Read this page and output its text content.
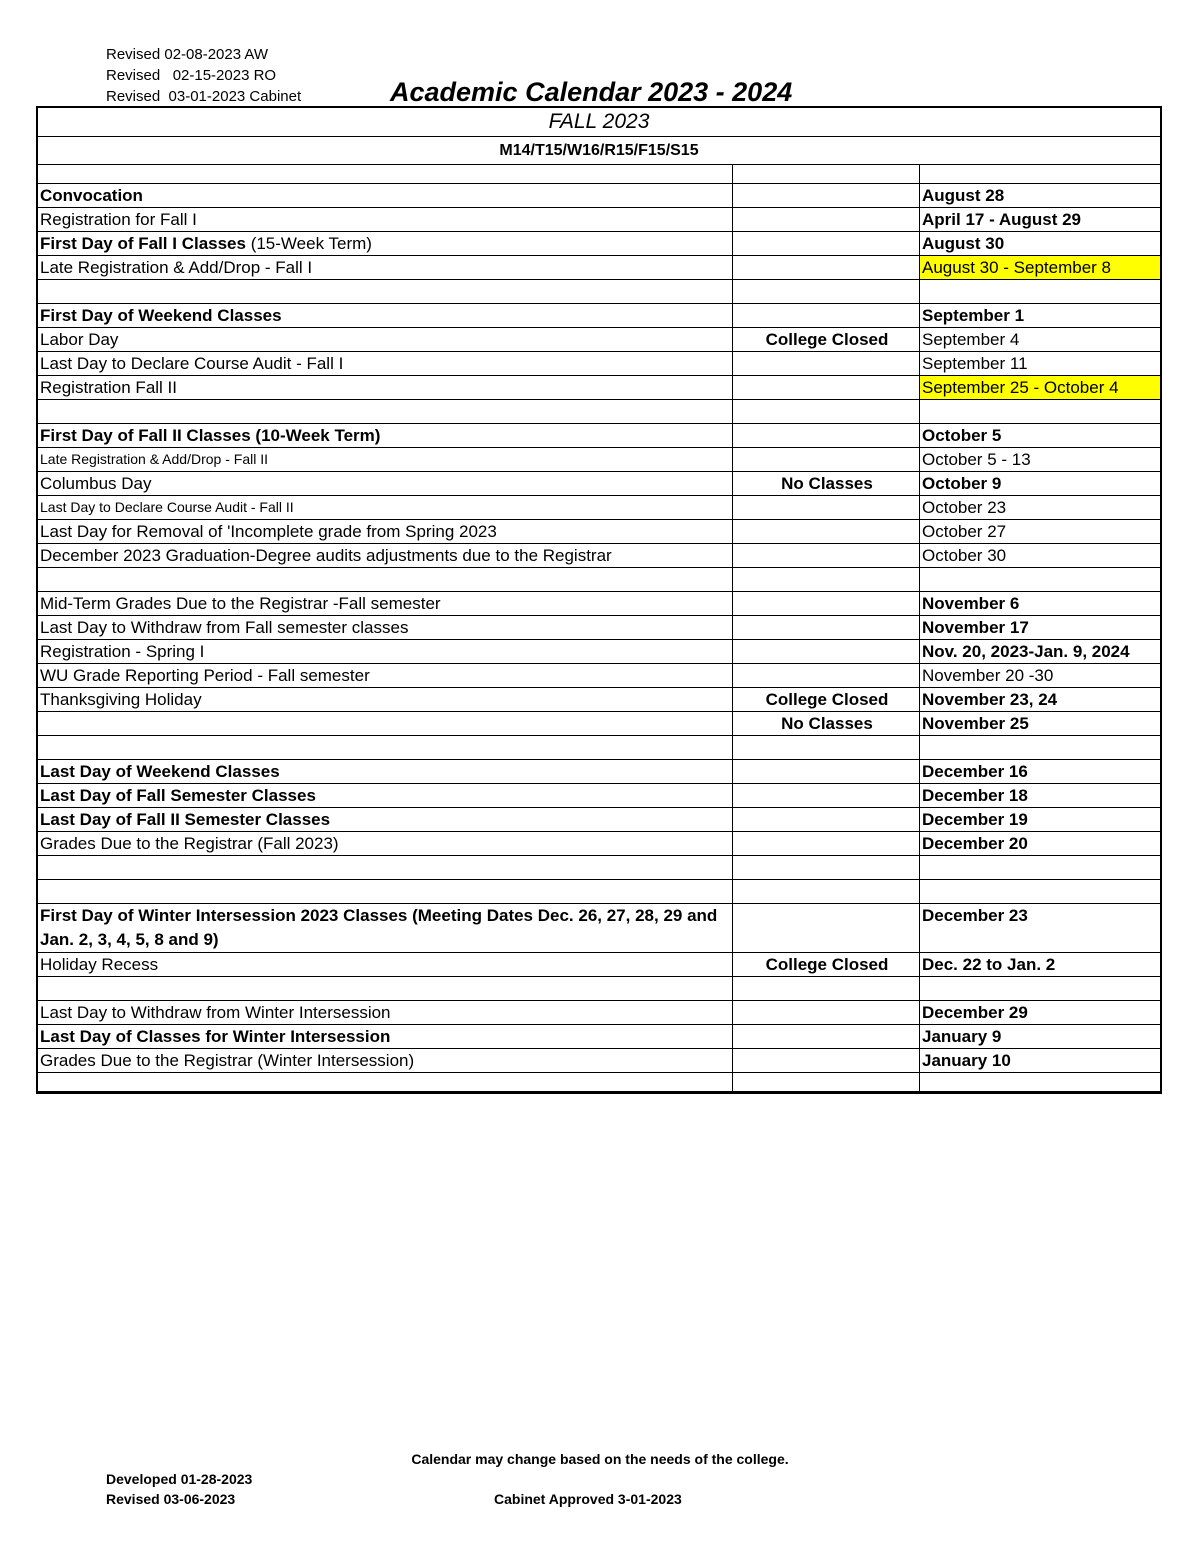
Revised 02-08-2023 AW
Revised   02-15-2023 RO
Revised  03-01-2023 Cabinet	Academic Calendar 2023 - 2024
FALL 2023
M14/T15/W16/R15/F15/S15

Convocation		August 28
Registration for Fall I		April 17 - August 29
First Day of Fall I Classes (15-Week Term)		August 30
Late Registration & Add/Drop - Fall I		August 30 - September 8

First Day of Weekend Classes		September 1
Labor Day	College Closed	September 4
Last Day to Declare Course Audit - Fall I		September 11
Registration Fall II		September 25 - October 4

First Day of Fall II Classes (10-Week Term)		October 5
Late Registration & Add/Drop - Fall II		October 5 - 13
Columbus Day	No Classes	October 9
Last Day to Declare Course Audit - Fall II		October 23
Last Day for Removal of 'Incomplete grade from Spring 2023		October 27
December 2023 Graduation-Degree audits adjustments due to the Registrar		October 30

Mid-Term Grades Due to the Registrar -Fall semester		November 6
Last Day to Withdraw from Fall semester classes		November 17
Registration - Spring I		Nov. 20, 2023-Jan. 9, 2024
WU Grade Reporting Period - Fall semester		November 20 -30
Thanksgiving Holiday	College Closed	November 23, 24
	No Classes	November 25

Last Day of Weekend Classes		December 16
Last Day of Fall Semester Classes		December 18
Last Day of Fall II Semester Classes		December 19
Grades Due to the Registrar (Fall 2023)		December 20

First Day of Winter Intersession 2023 Classes (Meeting Dates Dec. 26, 27, 28, 29 and Jan. 2, 3, 4, 5, 8 and 9)		December 23
Holiday Recess	College Closed	Dec. 22 to Jan. 2

Last Day to Withdraw from Winter Intersession		December 29
Last Day of Classes for Winter Intersession		January 9
Grades Due to the Registrar (Winter Intersession)		January 10

Calendar may change based on the needs of the college.
Developed 01-28-2023
Revised 03-06-2023	Cabinet Approved 3-01-2023
